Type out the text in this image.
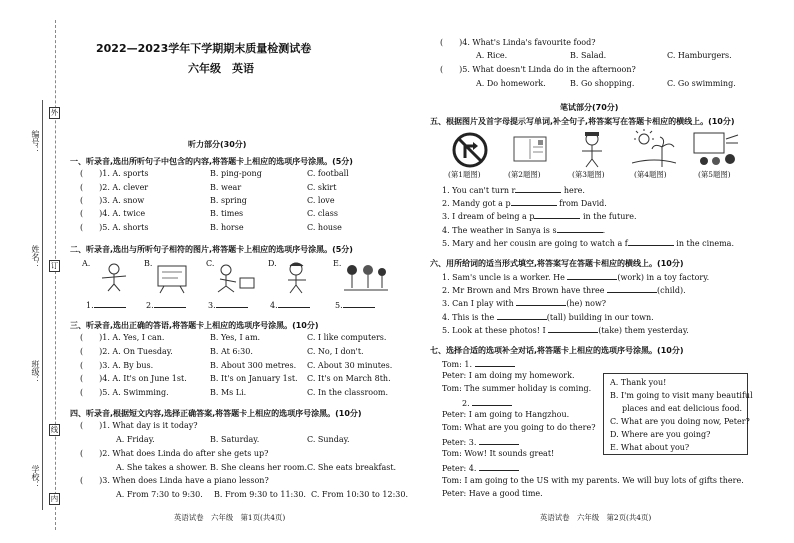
编号：
姓名：
班级：
学校：
外
订
线
内
2022—2023学年下学期期末质量检测试卷
六年级　英语
听力部分(30分)
一、听录音,选出所听句子中包含的内容,将答题卡上相应的选项序号涂黑。(5分)
(　　)1. A. sports	B. ping-pong	C. football
(　　)2. A. clever	B. wear	C. skirt
(　　)3. A. snow	B. spring	C. love
(　　)4. A. twice	B. times	C. class
(　　)5. A. shorts	B. horse	C. house
二、听录音,选出与所听句子相符的图片,将答题卡上相应的选项序号涂黑。(5分)
A.	B.	C.	D.	E.
1.	2.	3.	4.	5.
三、听录音,选出正确的答语,将答题卡上相应的选项序号涂黑。(10分)
(　　)1. A. Yes, I can.	B. Yes, I am.	C. I like computers.
(　　)2. A. On Tuesday.	B. At 6:30.	C. No, I don't.
(　　)3. A. By bus.	B. About 300 metres. C. About 30 minutes.
(　　)4. A. It's on June 1st.	B. It's on January 1st. C. It's on March 8th.
(　　)5. A. Swimming.	B. Ms Li.	C. In the classroom.
四、听录音,根据短文内容,选择正确答案,将答题卡上相应的选项序号涂黑。(10分)
(　　)1. What day is it today?
A. Friday.	B. Saturday.	C. Sunday.
(　　)2. What does Linda do after she gets up?
A. She takes a shower. B. She cleans her room. C. She eats breakfast.
(　　)3. When does Linda have a piano lesson?
A. From 7:30 to 9:30. B. From 9:30 to 11:30. C. From 10:30 to 12:30.
英语试卷　六年级　第1页(共4页)
(　　)4. What's Linda's favourite food?
A. Rice.	B. Salad.	C. Hamburgers.
(　　)5. What doesn't Linda do in the afternoon?
A. Do homework.	B. Go shopping.	C. Go swimming.
笔试部分(70分)
五、根据图片及首字母提示写单词,补全句子,将答案写在答题卡相应的横线上。(10分)
(第1题图)	(第2题图)	(第3题图)	(第4题图)	(第5题图)
1. You can't turn r	here.
2. Mandy got a p	from David.
3. I dream of being a p	in the future.
4. The weather in Sanya is s	.
5. Mary and her cousin are going to watch a f	in the cinema.
六、用所给词的适当形式填空,将答案写在答题卡相应的横线上。(10分)
1. Sam's uncle is a worker. He	(work) in a toy factory.
2. Mr Brown and Mrs Brown have three	(child).
3. Can I play with	(he) now?
4. This is the	(tall) building in our town.
5. Look at these photos! I	(take) them yesterday.
七、选择合适的选项补全对话,将答题卡上相应的选项序号涂黑。(10分)
Tom: 1.
Peter: I am doing my homework.
Tom: The summer holiday is coming.
2.
Peter: I am going to Hangzhou.
Tom: What are you going to do there?
Peter: 3.
Tom: Wow! It sounds great!
Peter: 4.
Tom: I am going to the US with my parents. We will buy lots of gifts there.
Peter: Have a good time.
A. Thank you!
B. I'm going to visit many beautiful
places and eat delicious food.
C. What are you doing now, Peter?
D. Where are you going?
E. What about you?
英语试卷　六年级　第2页(共4页)
